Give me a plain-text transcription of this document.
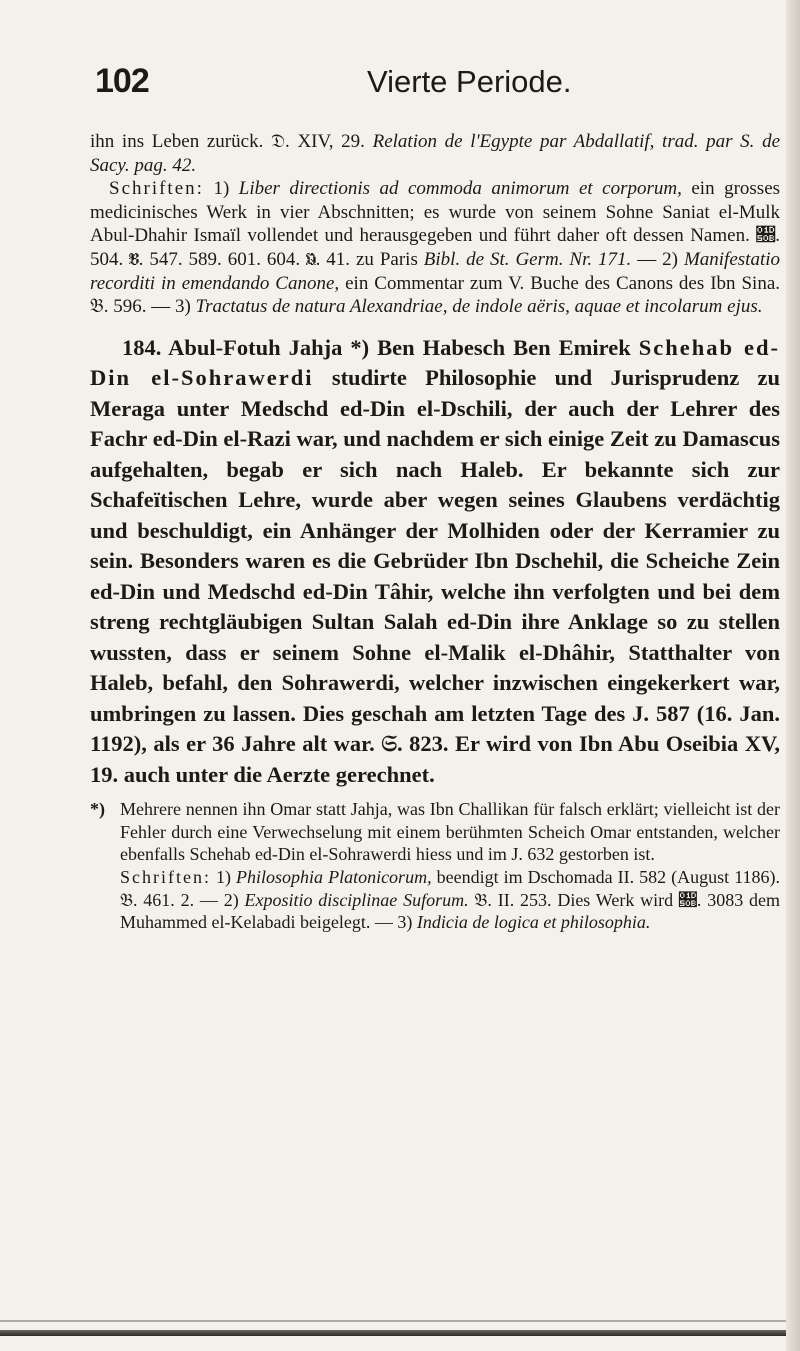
102	Vierte Periode.

ihn ins Leben zurück. 𝔇. XIV, 29. Relation de l'Egypte par Abdallatif, trad. par S. de Sacy. pag. 42.
 Schriften: 1) Liber directionis ad commoda animorum et corporum, ein grosses medicinisches Werk in vier Abschnitten; es wurde von seinem Sohne Saniat el-Mulk Abul-Dhahir Ismaïl vollendet und herausgegeben und führt daher oft dessen Namen. 𝔋. 504. 𝔅. 547. 589. 601. 604. 𝔔. 41. zu Paris Bibl. de St. Germ. Nr. 171. — 2) Manifestatio recorditi in emendando Canone, ein Commentar zum V. Buche des Canons des Ibn Sina. 𝔅. 596. — 3) Tractatus de natura Alexandriae, de indole aëris, aquae et incolarum ejus.

184. Abul-Fotuh Jahja *) Ben Habesch Ben Emirek Schehab ed-Din el-Sohrawerdi studirte Philosophie und Jurisprudenz zu Meraga unter Medschd ed-Din el-Dschili, der auch der Lehrer des Fachr ed-Din el-Razi war, und nachdem er sich einige Zeit zu Damascus aufgehalten, begab er sich nach Haleb. Er bekannte sich zur Schafeïtischen Lehre, wurde aber wegen seines Glaubens verdächtig und beschuldigt, ein Anhänger der Molhiden oder der Kerramier zu sein. Besonders waren es die Gebrüder Ibn Dschehil, die Scheiche Zein ed-Din und Medschd ed-Din Tâhir, welche ihn verfolgten und bei dem streng rechtgläubigen Sultan Salah ed-Din ihre Anklage so zu stellen wussten, dass er seinem Sohne el-Malik el-Dhâhir, Statthalter von Haleb, befahl, den Sohrawerdi, welcher inzwischen eingekerkert war, umbringen zu lassen. Dies geschah am letzten Tage des J. 587 (16. Jan. 1192), als er 36 Jahre alt war. 𝔖. 823. Er wird von Ibn Abu Oseibia XV, 19. auch unter die Aerzte gerechnet.

*) Mehrere nennen ihn Omar statt Jahja, was Ibn Challikan für falsch erklärt; vielleicht ist der Fehler durch eine Verwechselung mit einem berühmten Scheich Omar entstanden, welcher ebenfalls Schehab ed-Din el-Sohrawerdi hiess und im J. 632 gestorben ist.
Schriften: 1) Philosophia Platonicorum, beendigt im Dschomada II. 582 (August 1186). 𝔅. 461. 2. — 2) Expositio disciplinae Suforum. 𝔅. II. 253. Dies Werk wird 𝔋. 3083 dem Muhammed el-Kelabadi beigelegt. — 3) Indicia de logica et philosophia.
